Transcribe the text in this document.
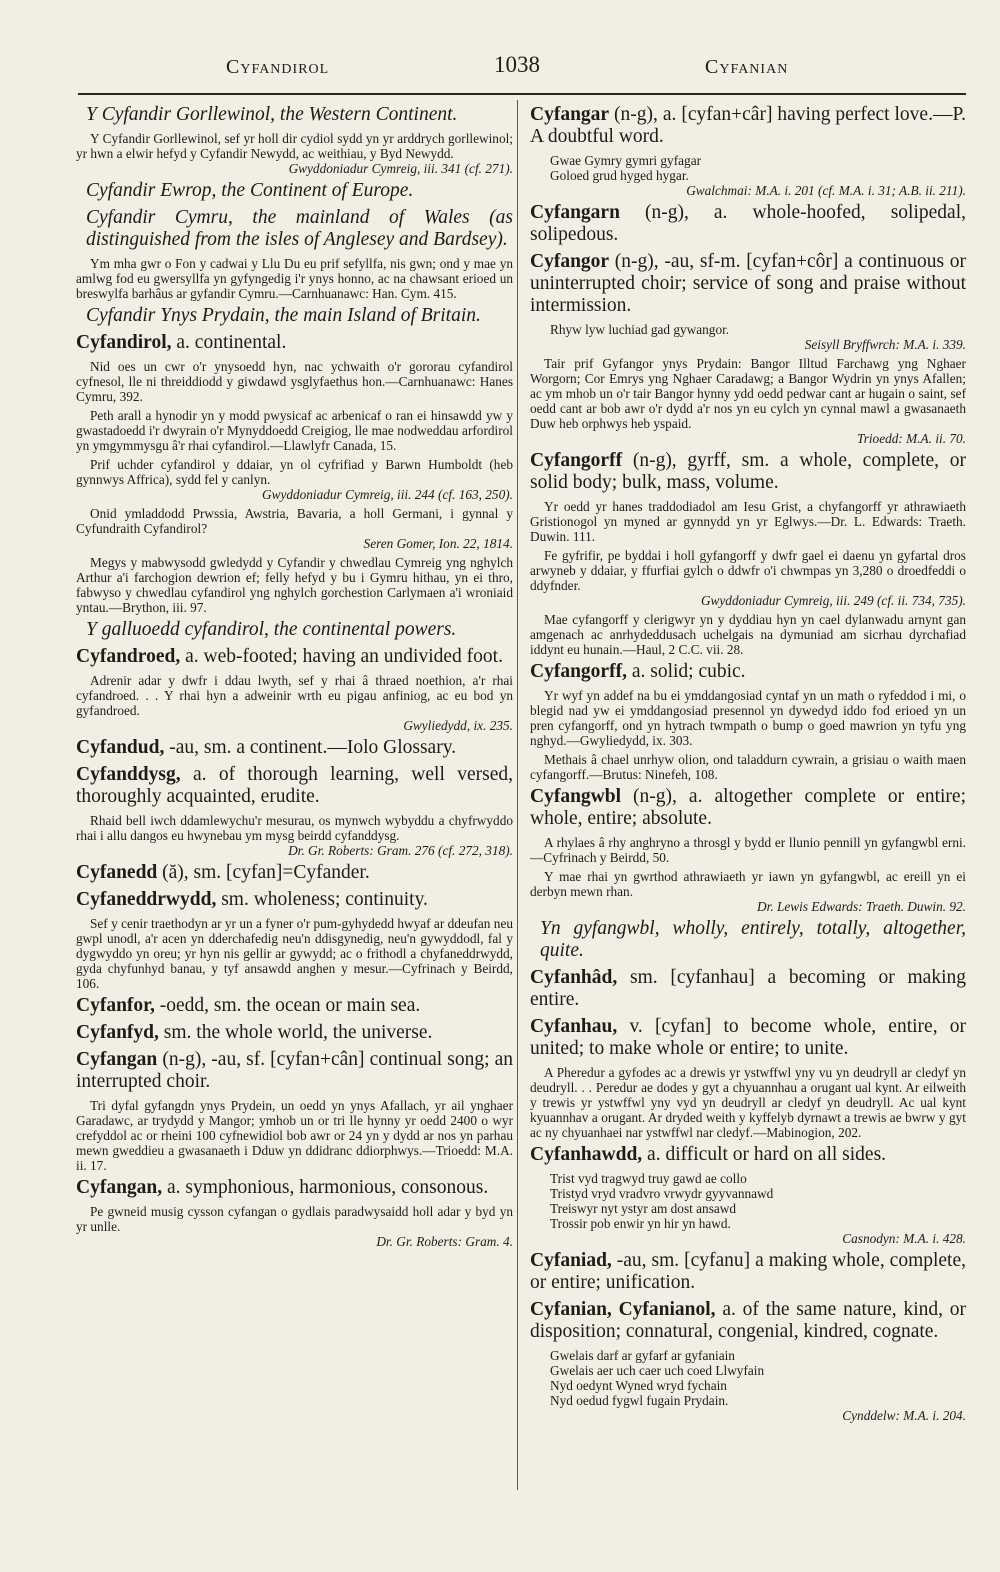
Cyfandirol	1038	Cyfanian

Y Cyfandir Gorllewinol, the Western Continent.

Y Cyfandir Gorllewinol, sef yr holl dir cydiol sydd yn yr arddrych gorllewinol; yr hwn a elwir hefyd y Cyfandir Newydd, ac weithiau, y Byd Newydd.
Gwyddoniadur Cymreig, iii. 341 (cf. 271).

Cyfandir Ewrop, the Continent of Europe.

Cyfandir Cymru, the mainland of Wales (as distinguished from the isles of Anglesey and Bardsey).

Ym mha gwr o Fon y cadwai y Llu Du eu prif sefyllfa, nis gwn; ond y mae yn amlwg fod eu gwersyllfa yn gyfyngedig i'r ynys honno, ac na chawsant erioed un breswylfa barhâus ar gyfandir Cymru.—Carnhuanawc: Han. Cym. 415.

Cyfandir Ynys Prydain, the main Island of Britain.

Cyfandirol, a. continental.

Nid oes un cwr o'r ynysoedd hyn, nac ychwaith o'r gororau cyfandirol cyfnesol, lle ni threiddiodd y giwdawd ysglyfaethus hon.—Carnhuanawc: Hanes Cymru, 392.

Peth arall a hynodir yn y modd pwysicaf ac arbenicaf o ran ei hinsawdd yw y gwastadoedd i'r dwyrain o'r Mynyddoedd Creigiog, lle mae nodweddau arfordirol yn ymgymmysgu â'r rhai cyfandirol.—Llawlyfr Canada, 15.

Prif uchder cyfandirol y ddaiar, yn ol cyfrifiad y Barwn Humboldt (heb gynnwys Affrica), sydd fel y canlyn.
Gwyddoniadur Cymreig, iii. 244 (cf. 163, 250).

Onid ymladdodd Prwssia, Awstria, Bavaria, a holl Germani, i gynnal y Cyfundraith Cyfandirol?
Seren Gomer, Ion. 22, 1814.

Megys y mabwysodd gwledydd y Cyfandir y chwedlau Cymreig yng nghylch Arthur a'i farchogion dewrion ef; felly hefyd y bu i Gymru hithau, yn ei thro, fabwyso y chwedlau cyfandirol yng nghylch gorchestion Carlymaen a'i wroniaid yntau.—Brython, iii. 97.

Y galluoedd cyfandirol, the continental powers.

Cyfandroed, a. web-footed; having an undivided foot.

Adrenir adar y dwfr i ddau lwyth, sef y rhai â thraed noethion, a'r rhai cyfandroed. . . Y rhai hyn a adweinir wrth eu pigau anfiniog, ac eu bod yn gyfandroed.
Gwyliedydd, ix. 235.

Cyfandud, -au, sm. a continent.—Iolo Glossary.

Cyfanddysg, a. of thorough learning, well versed, thoroughly acquainted, erudite.

Rhaid bell iwch ddamlewychu'r mesurau, os mynwch wybyddu a chyfrwyddo rhai i allu dangos eu hwynebau ym mysg beirdd cyfanddysg.
Dr. Gr. Roberts: Gram. 276 (cf. 272, 318).

Cyfanedd (ă), sm. [cyfan]=Cyfander.

Cyfaneddrwydd, sm. wholeness; continuity.

Sef y cenir traethodyn ar yr un a fyner o'r pum-gyhydedd hwyaf ar ddeufan neu gwpl unodl, a'r acen yn dderchafedig neu'n ddisgynedig, neu'n gywyddodl, fal y dygwyddo yn oreu; yr hyn nis gellir ar gywydd; ac o frithodl a chyfaneddrwydd, gyda chyfunhyd banau, y tyf ansawdd anghen y mesur.—Cyfrinach y Beirdd, 106.

Cyfanfor, -oedd, sm. the ocean or main sea.

Cyfanfyd, sm. the whole world, the universe.

Cyfangan (n-g), -au, sf. [cyfan+cân] continual song; an interrupted choir.

Tri dyfal gyfangdn ynys Prydein, un oedd yn ynys Afallach, yr ail ynghaer Garadawc, ar trydydd y Mangor; ymhob un or tri lle hynny yr oedd 2400 o wyr crefyddol ac or rheini 100 cyfnewidiol bob awr or 24 yn y dydd ar nos yn parhau mewn gweddieu a gwasanaeth i Dduw yn ddidranc ddiorphwys.—Trioedd: M.A. ii. 17.

Cyfangan, a. symphonious, harmonious, consonous.

Pe gwneid musig cysson cyfangan o gydlais paradwysaidd holl adar y byd yn yr unlle.
Dr. Gr. Roberts: Gram. 4.

Cyfangar (n-g), a. [cyfan+câr] having perfect love.—P. A doubtful word.

Gwae Gymry gymri gyfagar
Goloed grud hyged hygar.
Gwalchmai: M.A. i. 201 (cf. M.A. i. 31; A.B. ii. 211).

Cyfangarn (n-g), a. whole-hoofed, solipedal, solipedous.

Cyfangor (n-g), -au, sf-m. [cyfan+côr] a continuous or uninterrupted choir; service of song and praise without intermission.

Rhyw lyw luchiad gad gywangor.
Seisyll Bryffwrch: M.A. i. 339.

Tair prif Gyfangor ynys Prydain: Bangor Illtud Farchawg yng Nghaer Worgorn; Cor Emrys yng Nghaer Caradawg; a Bangor Wydrin yn ynys Afallen; ac ym mhob un o'r tair Bangor hynny ydd oedd pedwar cant ar hugain o saint, sef oedd cant ar bob awr o'r dydd a'r nos yn eu cylch yn cynnal mawl a gwasanaeth Duw heb orphwys heb yspaid.
Trioedd: M.A. ii. 70.

Cyfangorff (n-g), gyrff, sm. a whole, complete, or solid body; bulk, mass, volume.

Yr oedd yr hanes traddodiadol am Iesu Grist, a chyfangorff yr athrawiaeth Gristionogol yn myned ar gynnydd yn yr Eglwys.—Dr. L. Edwards: Traeth. Duwin. 111.

Fe gyfrifir, pe byddai i holl gyfangorff y dwfr gael ei daenu yn gyfartal dros arwyneb y ddaiar, y ffurfiai gylch o ddwfr o'i chwmpas yn 3,280 o droedfeddi o ddyfnder.
Gwyddoniadur Cymreig, iii. 249 (cf. ii. 734, 735).

Mae cyfangorff y clerigwyr yn y dyddiau hyn yn cael dylanwadu arnynt gan amgenach ac anrhydeddusach uchelgais na dymuniad am sicrhau dyrchafiad iddynt eu hunain.—Haul, 2 C.C. vii. 28.

Cyfangorff, a. solid; cubic.

Yr wyf yn addef na bu ei ymddangosiad cyntaf yn un math o ryfeddod i mi, o blegid nad yw ei ymddangosiad presennol yn dywedyd iddo fod erioed yn un pren cyfangorff, ond yn hytrach twmpath o bump o goed mawrion yn tyfu yng nghyd.—Gwyliedydd, ix. 303.

Methais â chael unrhyw olion, ond taladdurn cywrain, a grisiau o waith maen cyfangorff.—Brutus: Ninefeh, 108.

Cyfangwbl (n-g), a. altogether complete or entire; whole, entire; absolute.

A rhylaes â rhy anghryno a throsgl y bydd er llunio pennill yn gyfangwbl erni.—Cyfrinach y Beirdd, 50.

Y mae rhai yn gwrthod athrawiaeth yr iawn yn gyfangwbl, ac ereill yn ei derbyn mewn rhan.
Dr. Lewis Edwards: Traeth. Duwin. 92.

Yn gyfangwbl, wholly, entirely, totally, altogether, quite.

Cyfanhâd, sm. [cyfanhau] a becoming or making entire.

Cyfanhau, v. [cyfan] to become whole, entire, or united; to make whole or entire; to unite.

A Pheredur a gyfodes ac a drewis yr ystwffwl yny vu yn deudryll ar cledyf yn deudryll. . . Peredur ae dodes y gyt a chyuannhau a orugant ual kynt. Ar eilweith y trewis yr ystwffwl yny vyd yn deudryll ar cledyf yn deudryll. Ac ual kynt kyuannhav a orugant. Ar dryded weith y kyffelyb dyrnawt a trewis ae bwrw y gyt ac ny chyuanhaei nar ystwffwl nar cledyf.—Mabinogion, 202.

Cyfanhawdd, a. difficult or hard on all sides.

Trist vyd tragwyd truy gawd ae collo
Tristyd vryd vradvro vrwydr gyyvannawd
Treiswyr nyt ystyr am dost ansawd
Trossir pob enwir yn hir yn hawd.
Casnodyn: M.A. i. 428.

Cyfaniad, -au, sm. [cyfanu] a making whole, complete, or entire; unification.

Cyfanian, Cyfanianol, a. of the same nature, kind, or disposition; connatural, congenial, kindred, cognate.

Gwelais darf ar gyfarf ar gyfaniain
Gwelais aer uch caer uch coed Llwyfain
Nyd oedynt Wyned wryd fychain
Nyd oedud fygwl fugain Prydain.
Cynddelw: M.A. i. 204.
